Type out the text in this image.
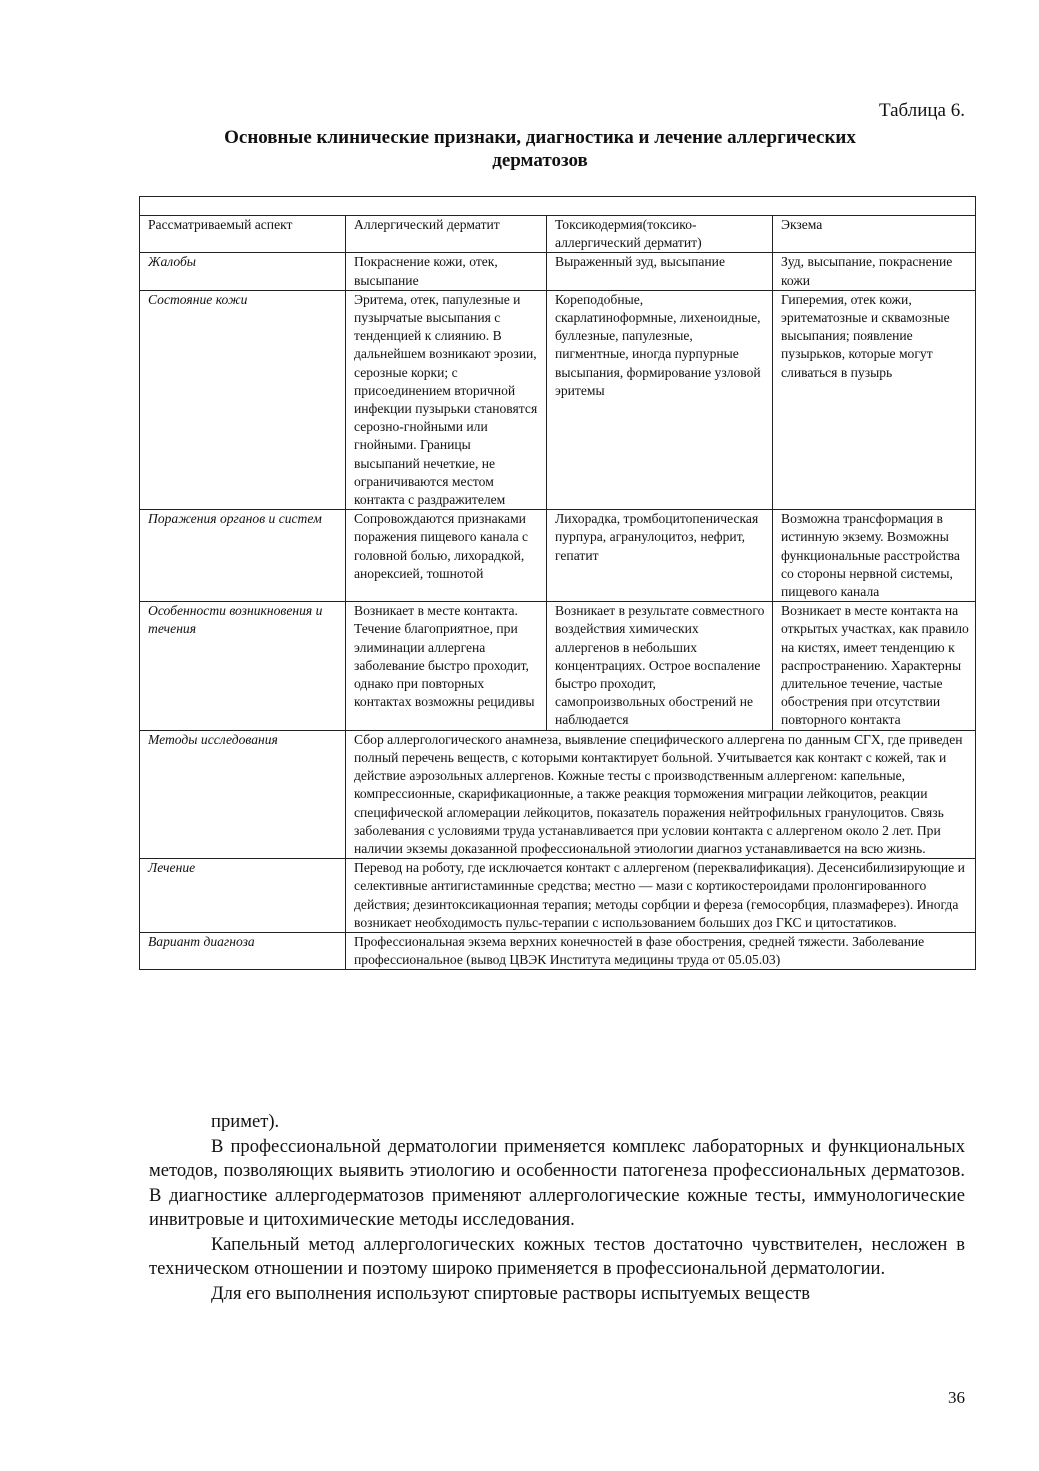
Таблица 6.
Основные клинические признаки, диагностика и лечение аллергических дерматозов

Рассматриваемый аспект	Аллергический дерматит	Токсикодермия(токсико-аллергический дерматит)	Экзема
Жалобы	Покраснение кожи, отек, высыпание	Выраженный зуд, высыпание	Зуд, высыпание, покраснение кожи
Состояние кожи	Эритема, отек, папулезные и пузырчатые высыпания с тенденцией к слиянию. В дальнейшем возникают эрозии, серозные корки; с присоединением вторичной инфекции пузырьки становятся серозно-гнойными или гнойными. Границы высыпаний нечеткие, не ограничиваются местом контакта с раздражителем	Кореподобные, скарлатиноформные, лихеноидные, буллезные, папулезные, пигментные, иногда пурпурные высыпания, формирование узловой эритемы	Гиперемия, отек кожи, эритематозные и сквамозные высыпания; появление пузырьков, которые могут сливаться в пузырь
Поражения органов и систем	Сопровождаются признаками поражения пищевого канала с головной болью, лихорадкой, анорексией, тошнотой	Лихорадка, тромбоцитопеническая пурпура, агранулоцитоз, нефрит, гепатит	Возможна трансформация в истинную экзему. Возможны функциональные расстройства со стороны нервной системы, пищевого канала
Особенности возникновения и течения	Возникает в месте контакта. Течение благоприятное, при элиминации аллергена заболевание быстро проходит, однако при повторных контактах возможны рецидивы	Возникает в результате совместного воздействия химических аллергенов в небольших концентрациях. Острое воспаление быстро проходит, самопроизвольных обострений не наблюдается	Возникает в месте контакта на открытых участках, как правило на кистях, имеет тенденцию к распространению. Характерны длительное течение, частые обострения при отсутствии повторного контакта
Методы исследования	Сбор аллергологического анамнеза, выявление специфического аллергена по данным СГХ, где приведен полный перечень веществ, с которыми контактирует больной. Учитывается как контакт с кожей, так и действие аэрозольных аллергенов. Кожные тесты с производственным аллергеном: капельные, компрессионные, скарификационные, а также реакция торможения миграции лейкоцитов, реакции специфической агломерации лейкоцитов, показатель поражения нейтрофильных гранулоцитов. Связь заболевания с условиями труда устанавливается при условии контакта с аллергеном около 2 лет. При наличии экземы доказанной профессиональной этиологии диагноз устанавливается на всю жизнь.		
Лечение	Перевод на роботу, где исключается контакт с аллергеном (переквалификация). Десенсибилизирующие и селективные антигистаминные средства; местно — мази с кортикостероидами пролонгированного действия; дезинтоксикационная терапия; методы сорбции и фереза (гемосорбция, плазмаферез). Иногда возникает необходимость пульс-терапии с использованием больших доз ГКС и цитостатиков.		
Вариант диагноза	Профессиональная экзема верхних конечностей в фазе обострения, средней тяжести. Заболевание профессиональное (вывод ЦВЭК Института медицины труда от 05.05.03)		

примет).

В профессиональной дерматологии применяется комплекс лабораторных и функциональных методов, позволяющих выявить этиологию и особенности патогенеза профессиональных дерматозов. В диагностике аллергодерматозов применяют аллергологические кожные тесты, иммунологические инвитровые и цитохимические методы исследования.

Капельный метод аллергологических кожных тестов достаточно чувствителен, несложен в техническом отношении и поэтому широко применяется в профессиональной дерматологии.

Для его выполнения используют спиртовые растворы испытуемых веществ

36
